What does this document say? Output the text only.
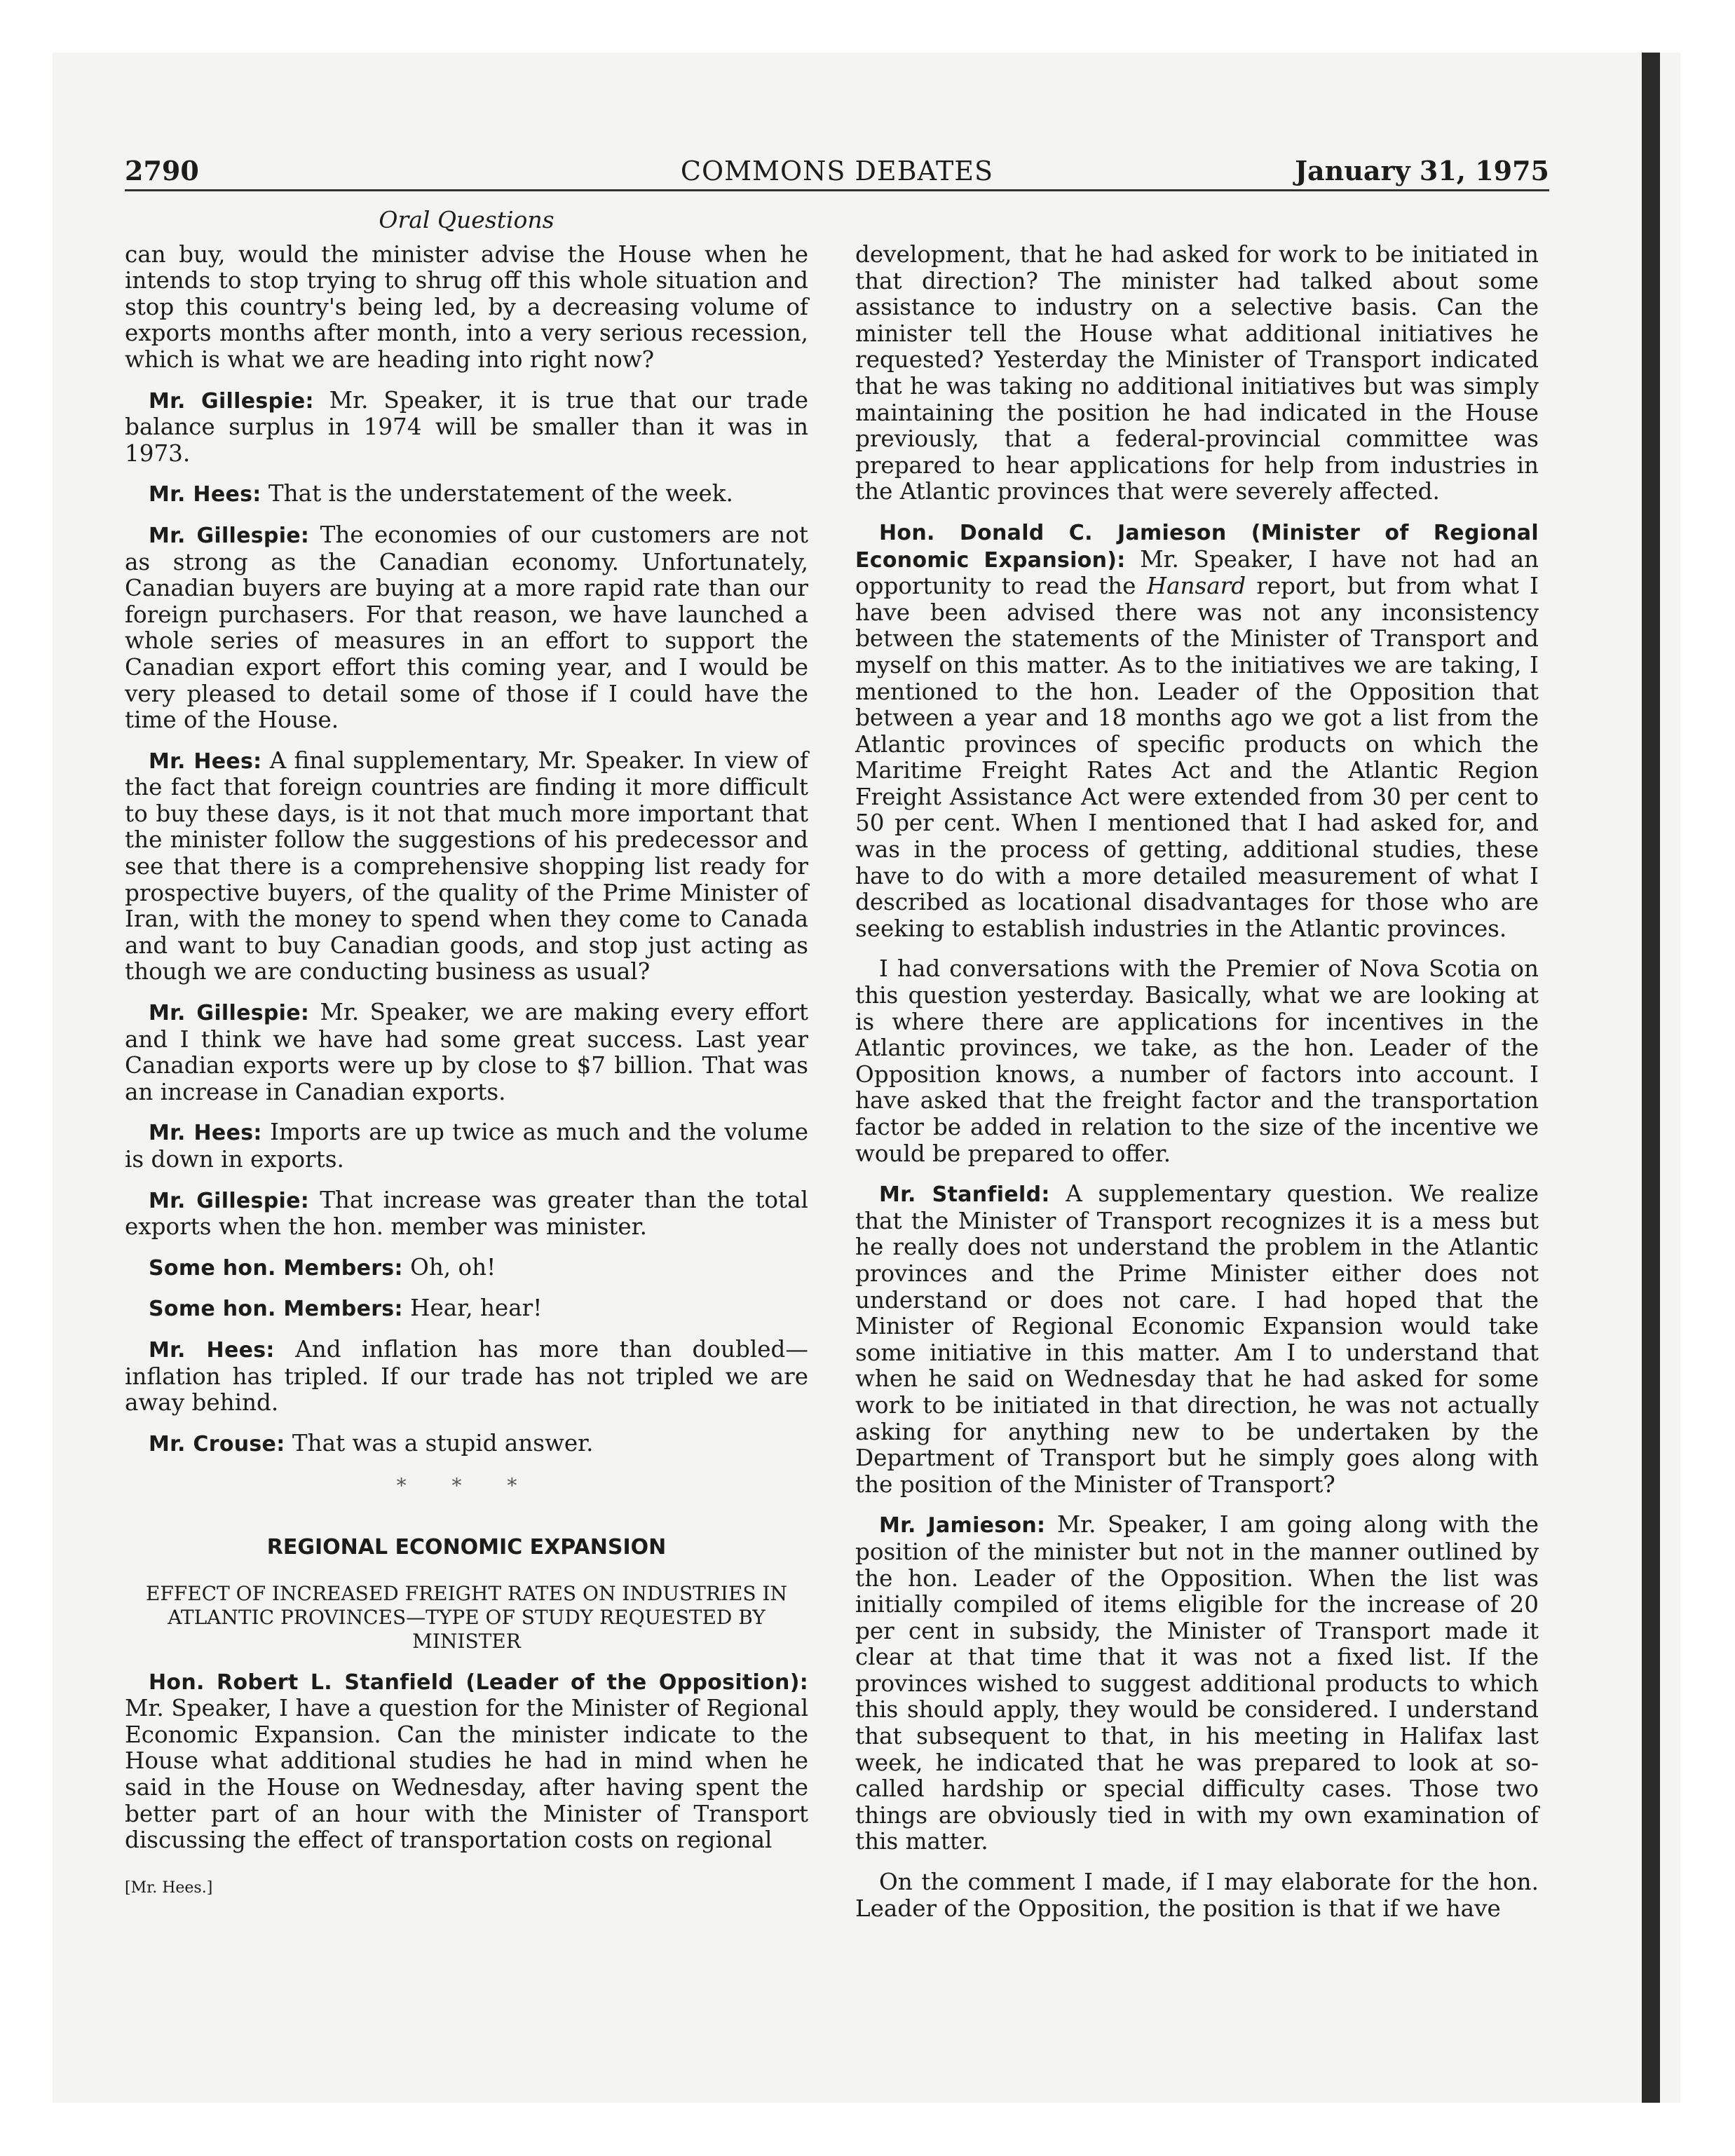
2790	COMMONS DEBATES	January 31, 1975
Oral Questions

can buy, would the minister advise the House when he intends to stop trying to shrug off this whole situation and stop this country's being led, by a decreasing volume of exports months after month, into a very serious recession, which is what we are heading into right now?

Mr. Gillespie: Mr. Speaker, it is true that our trade balance surplus in 1974 will be smaller than it was in 1973.

Mr. Hees: That is the understatement of the week.

Mr. Gillespie: The economies of our customers are not as strong as the Canadian economy. Unfortunately, Canadian buyers are buying at a more rapid rate than our foreign purchasers. For that reason, we have launched a whole series of measures in an effort to support the Canadian export effort this coming year, and I would be very pleased to detail some of those if I could have the time of the House.

Mr. Hees: A final supplementary, Mr. Speaker. In view of the fact that foreign countries are finding it more difficult to buy these days, is it not that much more important that the minister follow the suggestions of his predecessor and see that there is a comprehensive shopping list ready for prospective buyers, of the quality of the Prime Minister of Iran, with the money to spend when they come to Canada and want to buy Canadian goods, and stop just acting as though we are conducting business as usual?

Mr. Gillespie: Mr. Speaker, we are making every effort and I think we have had some great success. Last year Canadian exports were up by close to $7 billion. That was an increase in Canadian exports.

Mr. Hees: Imports are up twice as much and the volume is down in exports.

Mr. Gillespie: That increase was greater than the total exports when the hon. member was minister.

Some hon. Members: Oh, oh!

Some hon. Members: Hear, hear!

Mr. Hees: And inflation has more than doubled—inflation has tripled. If our trade has not tripled we are away behind.

Mr. Crouse: That was a stupid answer.

* * *
REGIONAL ECONOMIC EXPANSION
EFFECT OF INCREASED FREIGHT RATES ON INDUSTRIES IN ATLANTIC PROVINCES—TYPE OF STUDY REQUESTED BY MINISTER

Hon. Robert L. Stanfield (Leader of the Opposition): Mr. Speaker, I have a question for the Minister of Regional Economic Expansion. Can the minister indicate to the House what additional studies he had in mind when he said in the House on Wednesday, after having spent the better part of an hour with the Minister of Transport discussing the effect of transportation costs on regional

[Mr. Hees.]

development, that he had asked for work to be initiated in that direction? The minister had talked about some assistance to industry on a selective basis. Can the minister tell the House what additional initiatives he requested? Yesterday the Minister of Transport indicated that he was taking no additional initiatives but was simply maintaining the position he had indicated in the House previously, that a federal-provincial committee was prepared to hear applications for help from industries in the Atlantic provinces that were severely affected.

Hon. Donald C. Jamieson (Minister of Regional Economic Expansion): Mr. Speaker, I have not had an opportunity to read the Hansard report, but from what I have been advised there was not any inconsistency between the statements of the Minister of Transport and myself on this matter. As to the initiatives we are taking, I mentioned to the hon. Leader of the Opposition that between a year and 18 months ago we got a list from the Atlantic provinces of specific products on which the Maritime Freight Rates Act and the Atlantic Region Freight Assistance Act were extended from 30 per cent to 50 per cent. When I mentioned that I had asked for, and was in the process of getting, additional studies, these have to do with a more detailed measurement of what I described as locational disadvantages for those who are seeking to establish industries in the Atlantic provinces.

I had conversations with the Premier of Nova Scotia on this question yesterday. Basically, what we are looking at is where there are applications for incentives in the Atlantic provinces, we take, as the hon. Leader of the Opposition knows, a number of factors into account. I have asked that the freight factor and the transportation factor be added in relation to the size of the incentive we would be prepared to offer.

Mr. Stanfield: A supplementary question. We realize that the Minister of Transport recognizes it is a mess but he really does not understand the problem in the Atlantic provinces and the Prime Minister either does not understand or does not care. I had hoped that the Minister of Regional Economic Expansion would take some initiative in this matter. Am I to understand that when he said on Wednesday that he had asked for some work to be initiated in that direction, he was not actually asking for anything new to be undertaken by the Department of Transport but he simply goes along with the position of the Minister of Transport?

Mr. Jamieson: Mr. Speaker, I am going along with the position of the minister but not in the manner outlined by the hon. Leader of the Opposition. When the list was initially compiled of items eligible for the increase of 20 per cent in subsidy, the Minister of Transport made it clear at that time that it was not a fixed list. If the provinces wished to suggest additional products to which this should apply, they would be considered. I understand that subsequent to that, in his meeting in Halifax last week, he indicated that he was prepared to look at so-called hardship or special difficulty cases. Those two things are obviously tied in with my own examination of this matter.

On the comment I made, if I may elaborate for the hon. Leader of the Opposition, the position is that if we have
